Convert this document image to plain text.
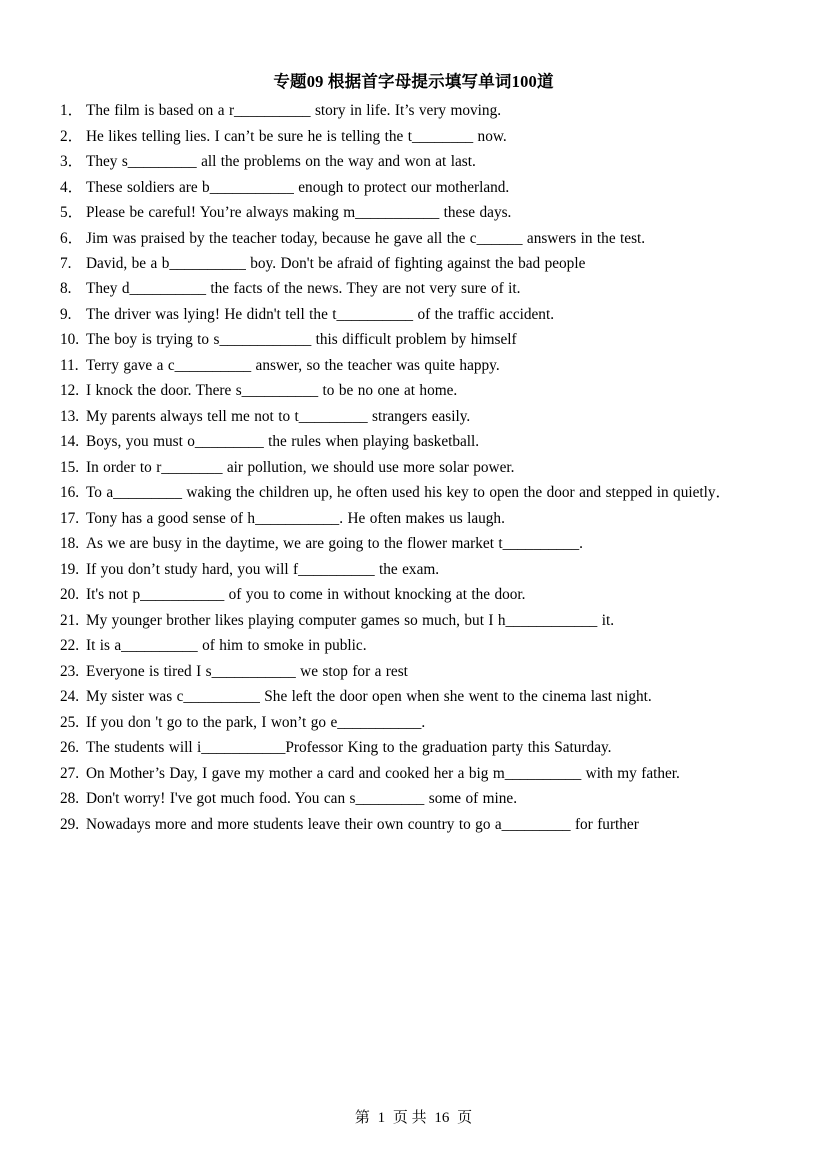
专题09 根据首字母提示填写单词100道
1． The film is based on a r__________ story in life. It’s very moving.
2． He likes telling lies. I can’t be sure he is telling the t________ now.
3． They s_________ all the problems on the way and won at last.
4． These soldiers are b___________ enough to protect our motherland.
5． Please be careful! You’re always making m___________ these days.
6． Jim was praised by the teacher today, because he gave all the c______ answers in the test.
7. David, be a b__________ boy. Don't be afraid of fighting against the bad people
8. They d__________ the facts of the news. They are not very sure of it.
9. The driver was lying! He didn't tell the t__________ of the traffic accident.
10. The boy is trying to s____________ this difficult problem by himself
11. Terry gave a c__________ answer, so the teacher was quite happy.
12. I knock the door. There s__________ to be no one at home.
13. My parents always tell me not to t_________ strangers easily.
14. Boys, you must o_________ the rules when playing basketball.
15. In order to r________ air pollution, we should use more solar power.
16. To a_________ waking the children up, he often used his key to open the door and stepped in quietly．
17. Tony has a good sense of h___________. He often makes us laugh.
18. As we are busy in the daytime, we are going to the flower market t__________.
19. If you don’t study hard, you will f__________ the exam.
20. It's not p___________ of you to come in without knocking at the door.
21. My younger brother likes playing computer games so much, but I h____________ it.
22. It is a__________ of him to smoke in public.
23. Everyone is tired I s___________ we stop for a rest
24. My sister was c__________ She left the door open when she went to the cinema last night.
25. If you don 't go to the park, I won’t go e___________.
26. The students will i___________Professor King to the graduation party this Saturday.
27. On Mother’s Day, I gave my mother a card and cooked her a big m__________ with my father.
28. Don't worry! I've got much food. You can s_________ some of mine.
29. Nowadays more and more students leave their own country to go a_________ for further
第 1 页 共 16 页
